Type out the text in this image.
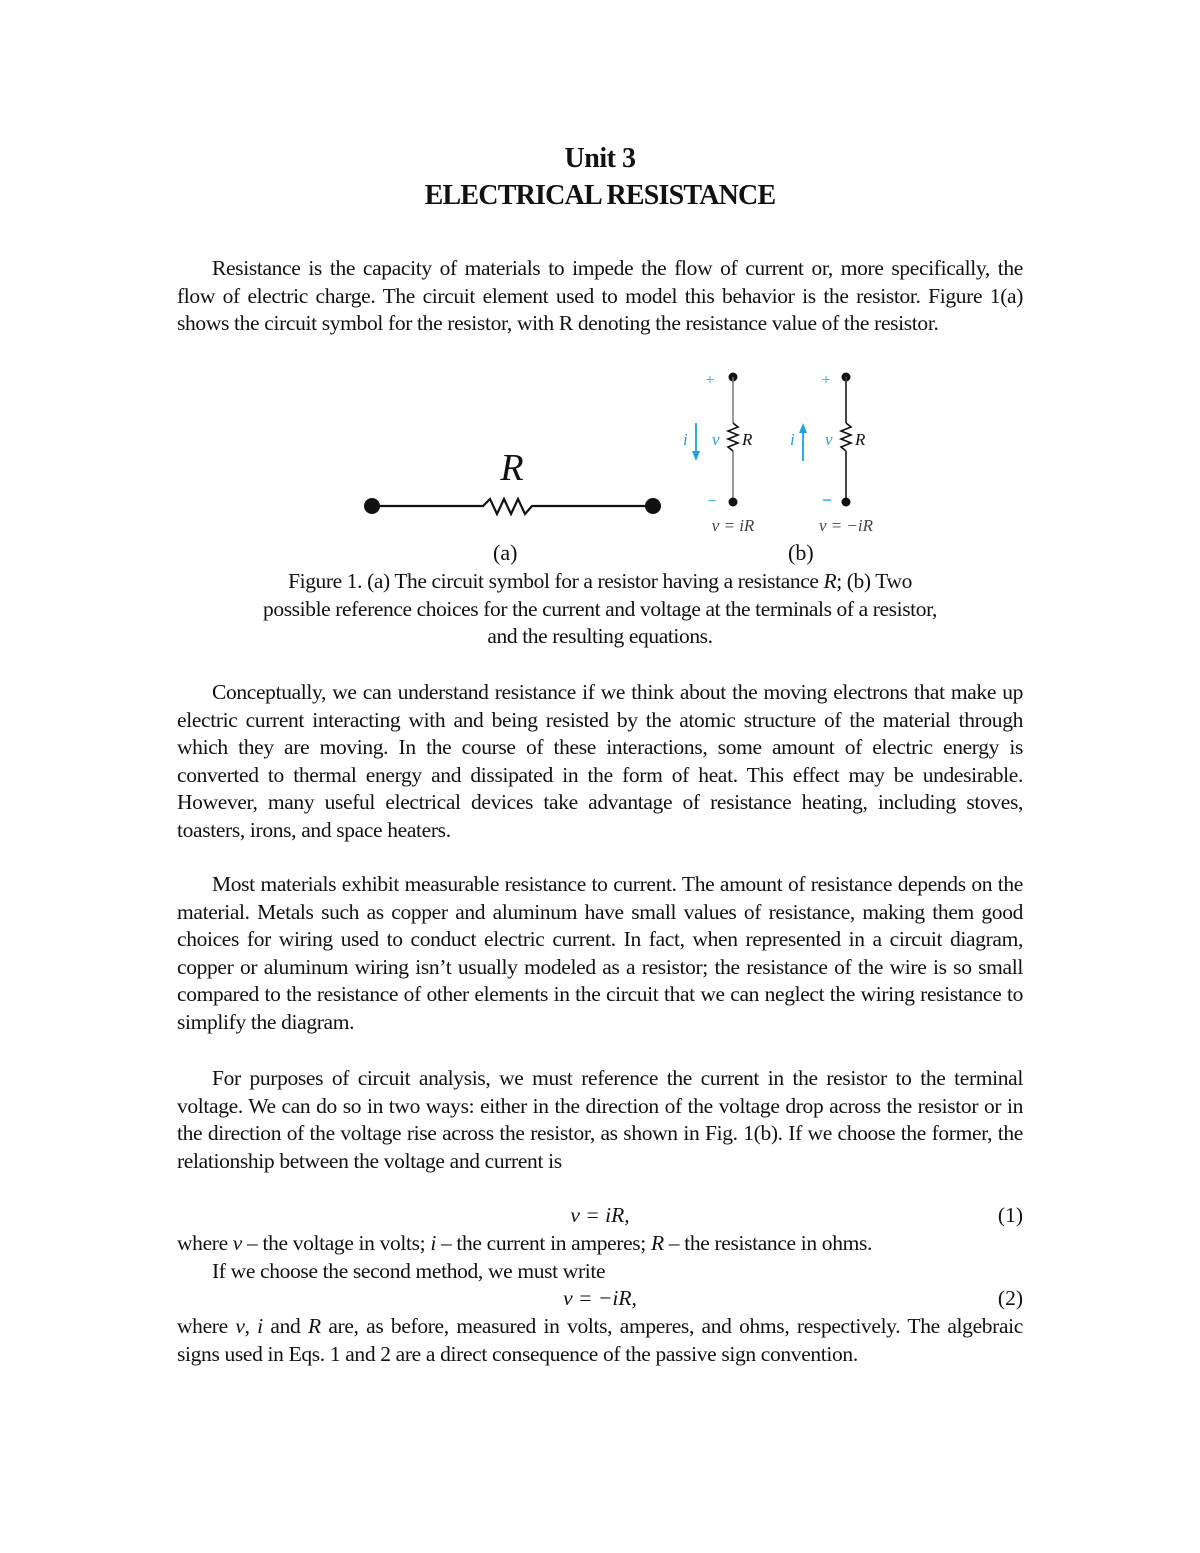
Unit 3
ELECTRICAL RESISTANCE
Resistance is the capacity of materials to impede the flow of current or, more specifically, the flow of electric charge. The circuit element used to model this behavior is the resistor. Figure 1(a) shows the circuit symbol for the resistor, with R denoting the resistance value of the resistor.
R
+
−
i v R
v = iR
+
−
i v R
v = −iR
(a)	(b)
Figure 1. (a) The circuit symbol for a resistor having a resistance R; (b) Two
possible reference choices for the current and voltage at the terminals of a resistor,
and the resulting equations.
Conceptually, we can understand resistance if we think about the moving electrons that make up electric current interacting with and being resisted by the atomic structure of the material through which they are moving. In the course of these interactions, some amount of electric energy is converted to thermal energy and dissipated in the form of heat. This effect may be undesirable. However, many useful electrical devices take advantage of resistance heating, including stoves, toasters, irons, and space heaters.
Most materials exhibit measurable resistance to current. The amount of resistance depends on the material. Metals such as copper and aluminum have small values of resistance, making them good choices for wiring used to conduct electric current. In fact, when represented in a circuit diagram, copper or aluminum wiring isn’t usually modeled as a resistor; the resistance of the wire is so small compared to the resistance of other elements in the circuit that we can neglect the wiring resistance to simplify the diagram.
For purposes of circuit analysis, we must reference the current in the resistor to the terminal voltage. We can do so in two ways: either in the direction of the voltage drop across the resistor or in the direction of the voltage rise across the resistor, as shown in Fig. 1(b). If we choose the former, the relationship between the voltage and current is
v = iR,	(1)
where v – the voltage in volts; i – the current in amperes; R – the resistance in ohms.
If we choose the second method, we must write
v = −iR,	(2)
where v, i and R are, as before, measured in volts, amperes, and ohms, respectively. The algebraic signs used in Eqs. 1 and 2 are a direct consequence of the passive sign convention.
